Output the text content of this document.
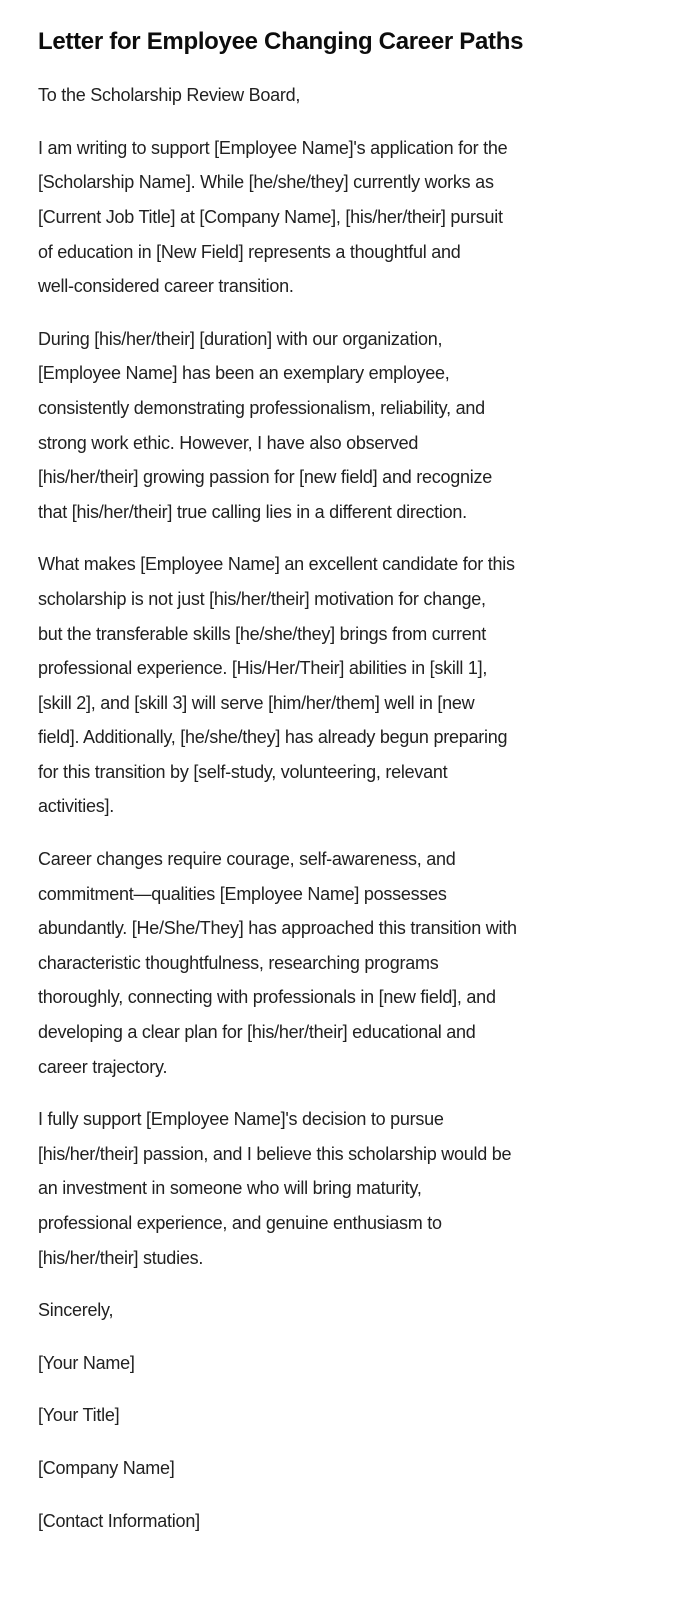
Letter for Employee Changing Career Paths

To the Scholarship Review Board,

I am writing to support [Employee Name]'s application for the
[Scholarship Name]. While [he/she/they] currently works as
[Current Job Title] at [Company Name], [his/her/their] pursuit
of education in [New Field] represents a thoughtful and
well-considered career transition.

During [his/her/their] [duration] with our organization,
[Employee Name] has been an exemplary employee,
consistently demonstrating professionalism, reliability, and
strong work ethic. However, I have also observed
[his/her/their] growing passion for [new field] and recognize
that [his/her/their] true calling lies in a different direction.

What makes [Employee Name] an excellent candidate for this
scholarship is not just [his/her/their] motivation for change,
but the transferable skills [he/she/they] brings from current
professional experience. [His/Her/Their] abilities in [skill 1],
[skill 2], and [skill 3] will serve [him/her/them] well in [new
field]. Additionally, [he/she/they] has already begun preparing
for this transition by [self-study, volunteering, relevant
activities].

Career changes require courage, self-awareness, and
commitment—qualities [Employee Name] possesses
abundantly. [He/She/They] has approached this transition with
characteristic thoughtfulness, researching programs
thoroughly, connecting with professionals in [new field], and
developing a clear plan for [his/her/their] educational and
career trajectory.

I fully support [Employee Name]'s decision to pursue
[his/her/their] passion, and I believe this scholarship would be
an investment in someone who will bring maturity,
professional experience, and genuine enthusiasm to
[his/her/their] studies.

Sincerely,

[Your Name]

[Your Title]

[Company Name]

[Contact Information]
